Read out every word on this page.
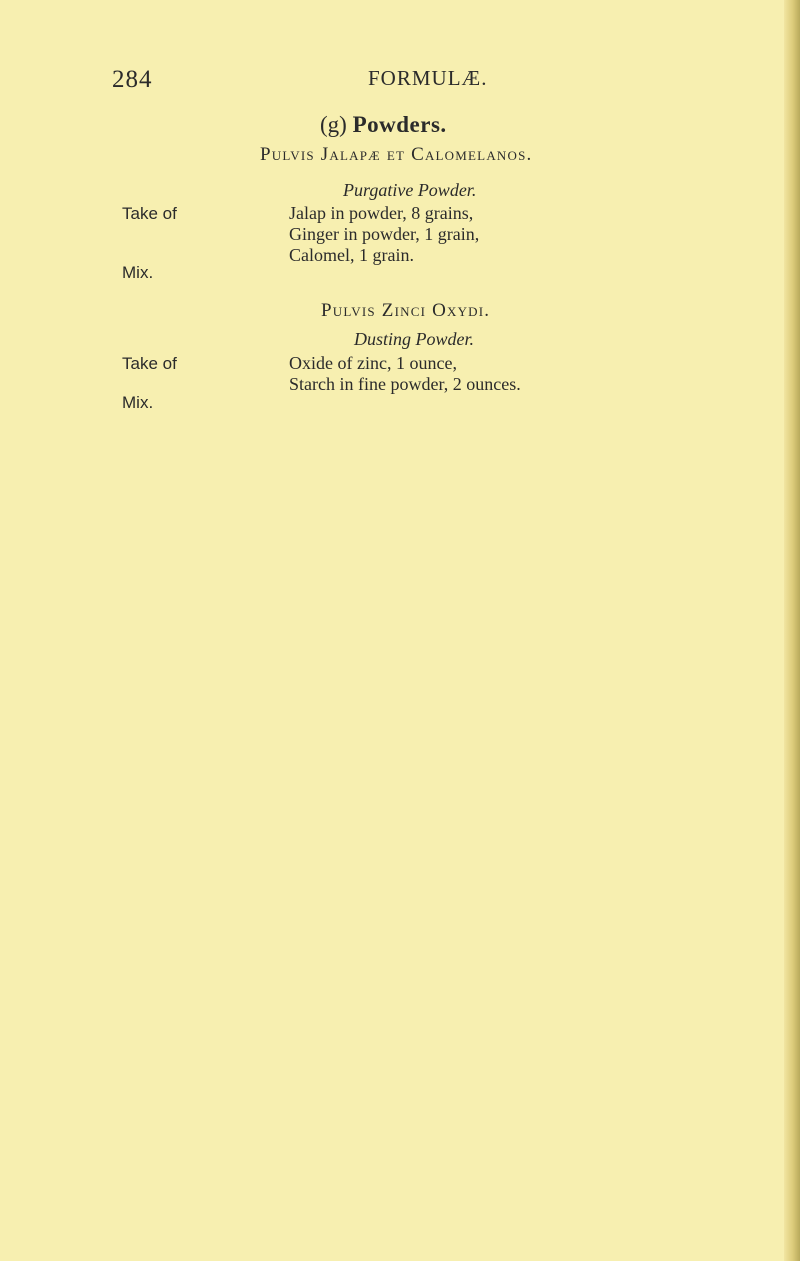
284	FORMULÆ.
(g) Powders.
Pulvis Jalapæ et Calomelanos.
Purgative Powder.
Take of	Jalap in powder, 8 grains,
Ginger in powder, 1 grain,
Calomel, 1 grain.
Mix.
Pulvis Zinci Oxydi.
Dusting Powder.
Take of	Oxide of zinc, 1 ounce,
Starch in fine powder, 2 ounces.
Mix.
